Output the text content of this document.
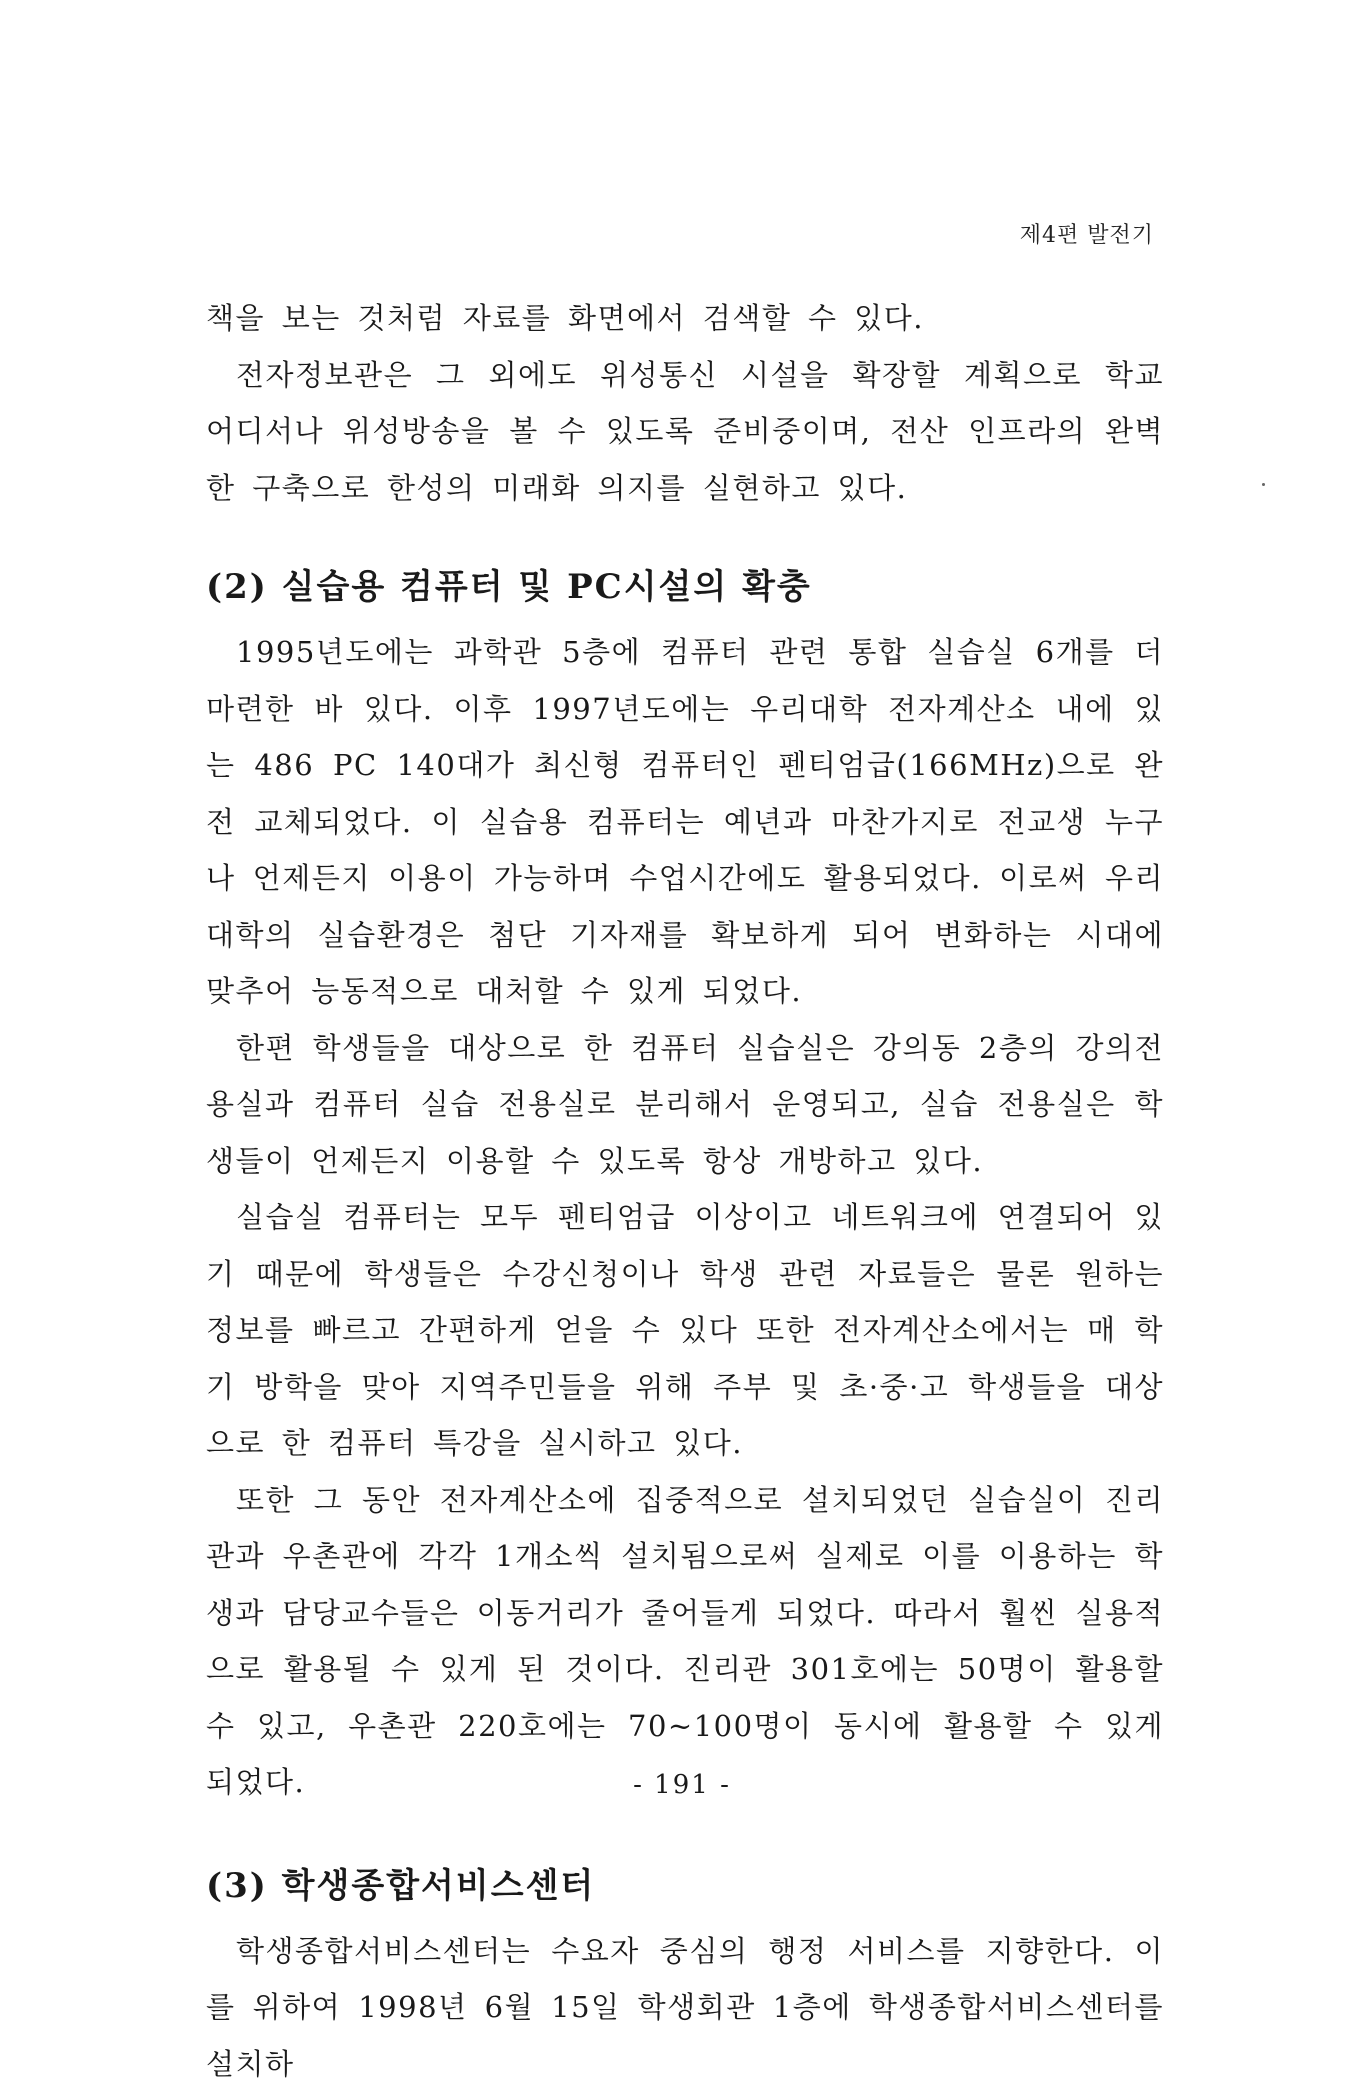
제4편 발전기

책을 보는 것처럼 자료를 화면에서 검색할 수 있다.

전자정보관은 그 외에도 위성통신 시설을 확장할 계획으로 학교 어디서나 위성방송을 볼 수 있도록 준비중이며, 전산 인프라의 완벽한 구축으로 한성의 미래화 의지를 실현하고 있다.

(2) 실습용 컴퓨터 및 PC시설의 확충

1995년도에는 과학관 5층에 컴퓨터 관련 통합 실습실 6개를 더 마련한 바 있다. 이후 1997년도에는 우리대학 전자계산소 내에 있는 486 PC 140대가 최신형 컴퓨터인 펜티엄급(166MHz)으로 완전 교체되었다. 이 실습용 컴퓨터는 예년과 마찬가지로 전교생 누구나 언제든지 이용이 가능하며 수업시간에도 활용되었다. 이로써 우리대학의 실습환경은 첨단 기자재를 확보하게 되어 변화하는 시대에 맞추어 능동적으로 대처할 수 있게 되었다.

한편 학생들을 대상으로 한 컴퓨터 실습실은 강의동 2층의 강의전용실과 컴퓨터 실습 전용실로 분리해서 운영되고, 실습 전용실은 학생들이 언제든지 이용할 수 있도록 항상 개방하고 있다.

실습실 컴퓨터는 모두 펜티엄급 이상이고 네트워크에 연결되어 있기 때문에 학생들은 수강신청이나 학생 관련 자료들은 물론 원하는 정보를 빠르고 간편하게 얻을 수 있다 또한 전자계산소에서는 매 학기 방학을 맞아 지역주민들을 위해 주부 및 초·중·고 학생들을 대상으로 한 컴퓨터 특강을 실시하고 있다.

또한 그 동안 전자계산소에 집중적으로 설치되었던 실습실이 진리관과 우촌관에 각각 1개소씩 설치됨으로써 실제로 이를 이용하는 학생과 담당교수들은 이동거리가 줄어들게 되었다. 따라서 훨씬 실용적으로 활용될 수 있게 된 것이다. 진리관 301호에는 50명이 활용할 수 있고, 우촌관 220호에는 70~100명이 동시에 활용할 수 있게 되었다.

(3) 학생종합서비스센터

학생종합서비스센터는 수요자 중심의 행정 서비스를 지향한다. 이를 위하여 1998년 6월 15일 학생회관 1층에 학생종합서비스센터를 설치하

- 191 -
